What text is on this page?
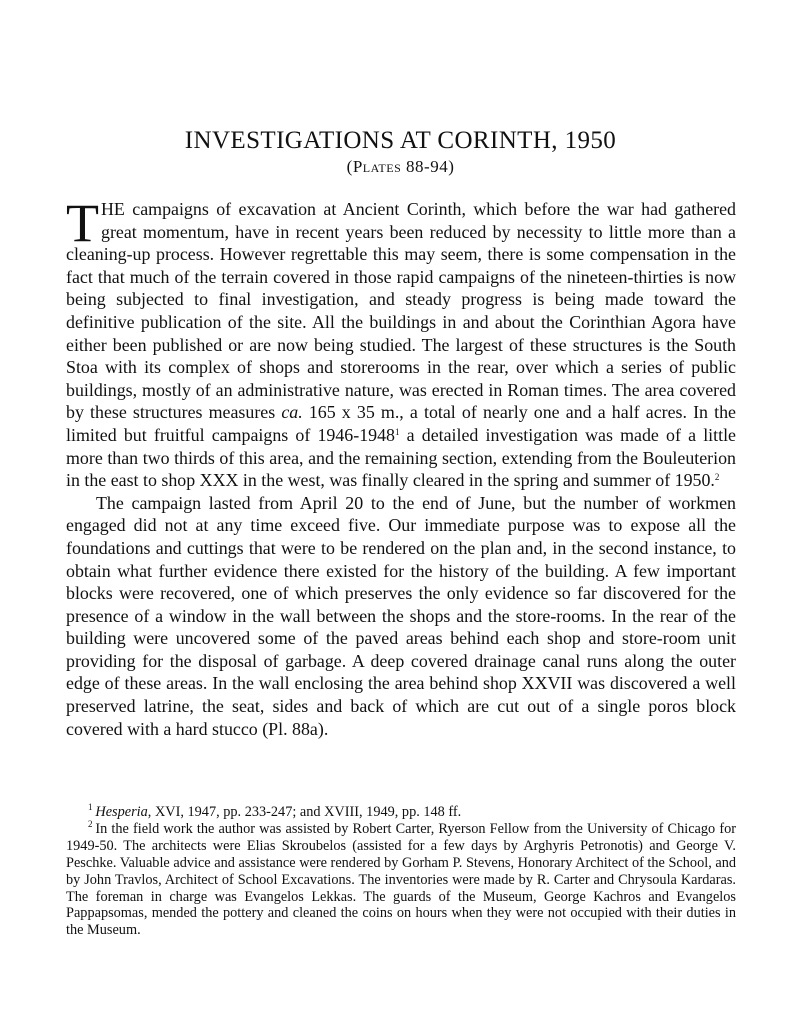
INVESTIGATIONS AT CORINTH, 1950
(Plates 88-94)

THE campaigns of excavation at Ancient Corinth, which before the war had gathered great momentum, have in recent years been reduced by necessity to little more than a cleaning-up process. However regrettable this may seem, there is some compensation in the fact that much of the terrain covered in those rapid campaigns of the nineteen-thirties is now being subjected to final investigation, and steady progress is being made toward the definitive publication of the site. All the buildings in and about the Corinthian Agora have either been published or are now being studied. The largest of these structures is the South Stoa with its complex of shops and storerooms in the rear, over which a series of public buildings, mostly of an administrative nature, was erected in Roman times. The area covered by these structures measures ca. 165 x 35 m., a total of nearly one and a half acres. In the limited but fruitful campaigns of 1946-1948$^1$ a detailed investigation was made of a little more than two thirds of this area, and the remaining section, extending from the Bouleuterion in the east to shop XXX in the west, was finally cleared in the spring and summer of 1950.$^2$

The campaign lasted from April 20 to the end of June, but the number of workmen engaged did not at any time exceed five. Our immediate purpose was to expose all the foundations and cuttings that were to be rendered on the plan and, in the second instance, to obtain what further evidence there existed for the history of the building. A few important blocks were recovered, one of which preserves the only evidence so far discovered for the presence of a window in the wall between the shops and the store-rooms. In the rear of the building were uncovered some of the paved areas behind each shop and store-room unit providing for the disposal of garbage. A deep covered drainage canal runs along the outer edge of these areas. In the wall enclosing the area behind shop XXVII was discovered a well preserved latrine, the seat, sides and back of which are cut out of a single poros block covered with a hard stucco (Pl. 88a).

$^1$  Hesperia, XVI, 1947, pp. 233-247; and XVIII, 1949, pp. 148 ff.

$^2$  In the field work the author was assisted by Robert Carter, Ryerson Fellow from the University of Chicago for 1949-50. The architects were Elias Skroubelos (assisted for a few days by Arghyris Petronotis) and George V. Peschke. Valuable advice and assistance were rendered by Gorham P. Stevens, Honorary Architect of the School, and by John Travlos, Architect of School Excavations. The inventories were made by R. Carter and Chrysoula Kardaras. The foreman in charge was Evangelos Lekkas. The guards of the Museum, George Kachros and Evangelos Pappapsomas, mended the pottery and cleaned the coins on hours when they were not occupied with their duties in the Museum.
